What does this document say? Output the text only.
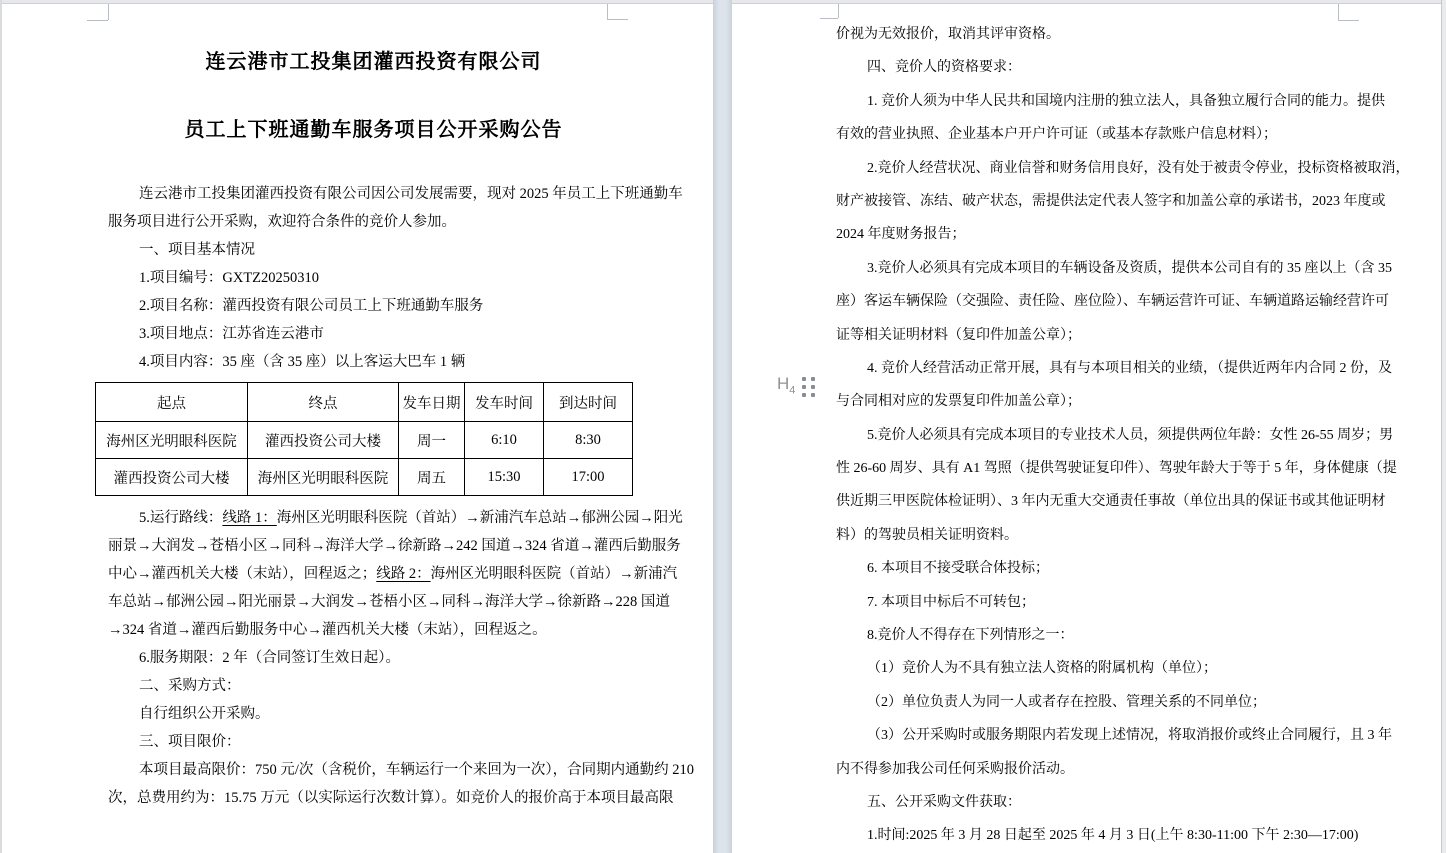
连云港市工投集团灌西投资有限公司
员工上下班通勤车服务项目公开采购公告
连云港市工投集团灌西投资有限公司因公司发展需要，现对 2025 年员工上下班通勤车
服务项目进行公开采购，欢迎符合条件的竞价人参加。
一、项目基本情况
1.项目编号：GXTZ20250310
2.项目名称：灌西投资有限公司员工上下班通勤车服务
3.项目地点：江苏省连云港市
4.项目内容：35 座（含 35 座）以上客运大巴车 1 辆
起点	终点	发车日期	发车时间	到达时间
海州区光明眼科医院	灌西投资公司大楼	周一	6:10	8:30
灌西投资公司大楼	海州区光明眼科医院	周五	15:30	17:00
5.运行路线：线路 1：海州区光明眼科医院（首站）→新浦汽车总站→郁洲公园→阳光
丽景→大润发→苍梧小区→同科→海洋大学→徐新路→242 国道→324 省道→灌西后勤服务
中心→灌西机关大楼（末站），回程返之；线路 2：海州区光明眼科医院（首站）→新浦汽
车总站→郁洲公园→阳光丽景→大润发→苍梧小区→同科→海洋大学→徐新路→228 国道
→324 省道→灌西后勤服务中心→灌西机关大楼（末站），回程返之。
6.服务期限：2 年（合同签订生效日起）。
二、采购方式：
自行组织公开采购。
三、项目限价：
本项目最高限价：750 元/次（含税价，车辆运行一个来回为一次），合同期内通勤约 210
次，总费用约为：15.75 万元（以实际运行次数计算）。如竞价人的报价高于本项目最高限
价视为无效报价，取消其评审资格。
四、竞价人的资格要求：
1. 竞价人须为中华人民共和国境内注册的独立法人，具备独立履行合同的能力。提供
有效的营业执照、企业基本户开户许可证（或基本存款账户信息材料）；
2.竞价人经营状况、商业信誉和财务信用良好，没有处于被责令停业，投标资格被取消，
财产被接管、冻结、破产状态，需提供法定代表人签字和加盖公章的承诺书，2023 年度或
2024 年度财务报告；
3.竞价人必须具有完成本项目的车辆设备及资质，提供本公司自有的 35 座以上（含 35
座）客运车辆保险（交强险、责任险、座位险）、车辆运营许可证、车辆道路运输经营许可
证等相关证明材料（复印件加盖公章）；
4. 竞价人经营活动正常开展，具有与本项目相关的业绩，（提供近两年内合同 2 份，及
与合同相对应的发票复印件加盖公章）；
5.竞价人必须具有完成本项目的专业技术人员，须提供两位年龄：女性 26-55 周岁；男
性 26-60 周岁、具有 A1 驾照（提供驾驶证复印件）、驾驶年龄大于等于 5 年，身体健康（提
供近期三甲医院体检证明）、3 年内无重大交通责任事故（单位出具的保证书或其他证明材
料）的驾驶员相关证明资料。
6. 本项目不接受联合体投标；
7. 本项目中标后不可转包；
8.竞价人不得存在下列情形之一：
（1）竞价人为不具有独立法人资格的附属机构（单位）；
（2）单位负责人为同一人或者存在控股、管理关系的不同单位；
（3）公开采购时或服务期限内若发现上述情况，将取消报价或终止合同履行，且 3 年
内不得参加我公司任何采购报价活动。
五、公开采购文件获取：
1.时间:2025 年 3 月 28 日起至 2025 年 4 月 3 日(上午 8:30-11:00 下午 2:30—17:00)
$H_4$
